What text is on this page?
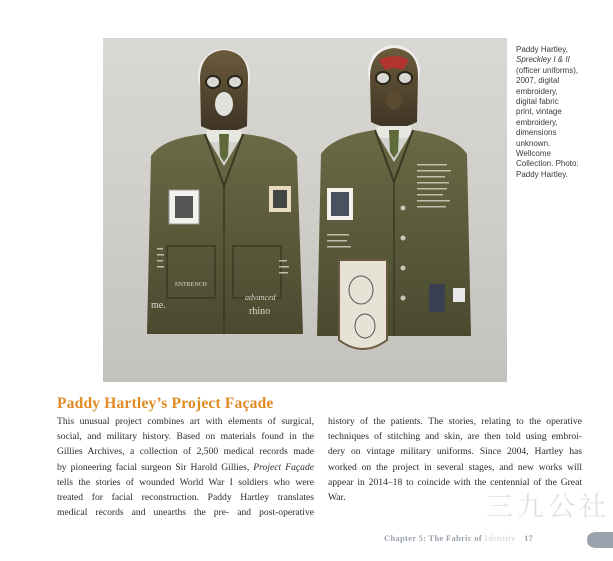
me.
ENTRENCH
advanced
rhino
Paddy Hartley,
Spreckley I & II
(officer uniforms),
2007, digital
embroidery,
digital fabric
print, vintage
embroidery,
dimensions
unknown.
Wellcome
Collection. Photo:
Paddy Hartley.
Paddy Hartley’s Project Façade
This unusual project combines art with elements of surgical,
social, and military history. Based on materials found in the
Gillies Archives, a collection of 2,500 medical records made
by pioneering facial surgeon Sir Harold Gillies, Project Façade
tells the stories of wounded World War I soldiers who were
treated for facial reconstruction. Paddy Hartley translates
medical records and unearths the pre- and post-operative
history of the patients. The stories, relating to the operative
techniques of stitching and skin, are then told using embroi-
dery on vintage military uniforms. Since 2004, Hartley has
worked on the project in several stages, and new works will
appear in 2014–18 to coincide with the centennial of the Great
War.	三九公社
Chapter 5: The Fabric of Identity 17
